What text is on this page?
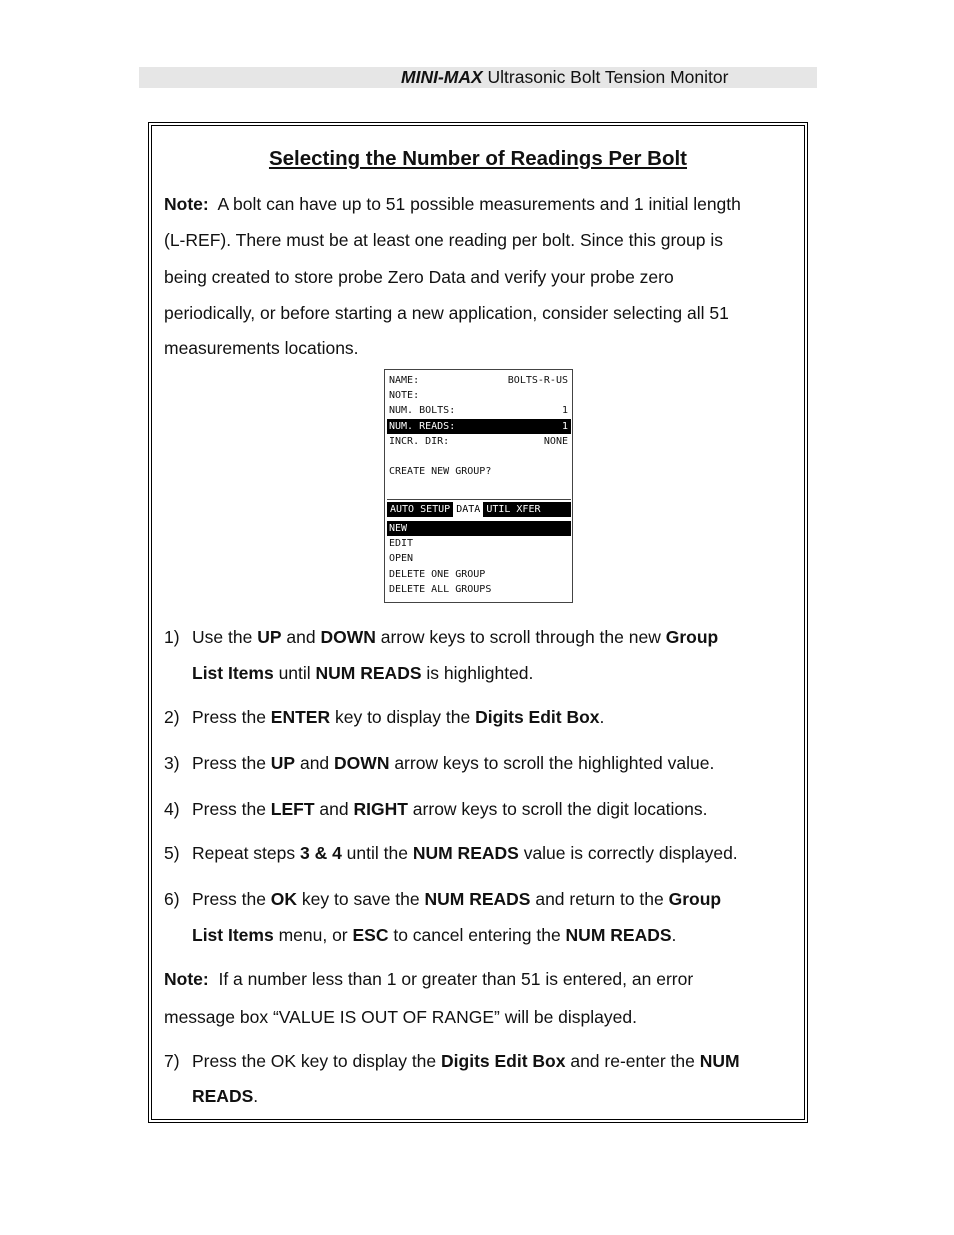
MINI-MAX Ultrasonic Bolt Tension Monitor
Selecting the Number of Readings Per Bolt
Note: A bolt can have up to 51 possible measurements and 1 initial length
(L-REF). There must be at least one reading per bolt. Since this group is
being created to store probe Zero Data and verify your probe zero
periodically, or before starting a new application, consider selecting all 51
measurements locations.
NAME:	BOLTS-R-US
NOTE:
NUM. BOLTS:	1
NUM. READS:	1
INCR. DIR:	NONE
CREATE NEW GROUP?
AUTO SETUP DATA UTIL XFER
NEW
EDIT
OPEN
DELETE ONE GROUP
DELETE ALL GROUPS
1) Use the UP and DOWN arrow keys to scroll through the new Group
List Items until NUM READS is highlighted.
2) Press the ENTER key to display the Digits Edit Box.
3) Press the UP and DOWN arrow keys to scroll the highlighted value.
4) Press the LEFT and RIGHT arrow keys to scroll the digit locations.
5) Repeat steps 3 & 4 until the NUM READS value is correctly displayed.
6) Press the OK key to save the NUM READS and return to the Group
List Items menu, or ESC to cancel entering the NUM READS.
Note: If a number less than 1 or greater than 51 is entered, an error
message box “VALUE IS OUT OF RANGE” will be displayed.
7) Press the OK key to display the Digits Edit Box and re-enter the NUM
READS.
